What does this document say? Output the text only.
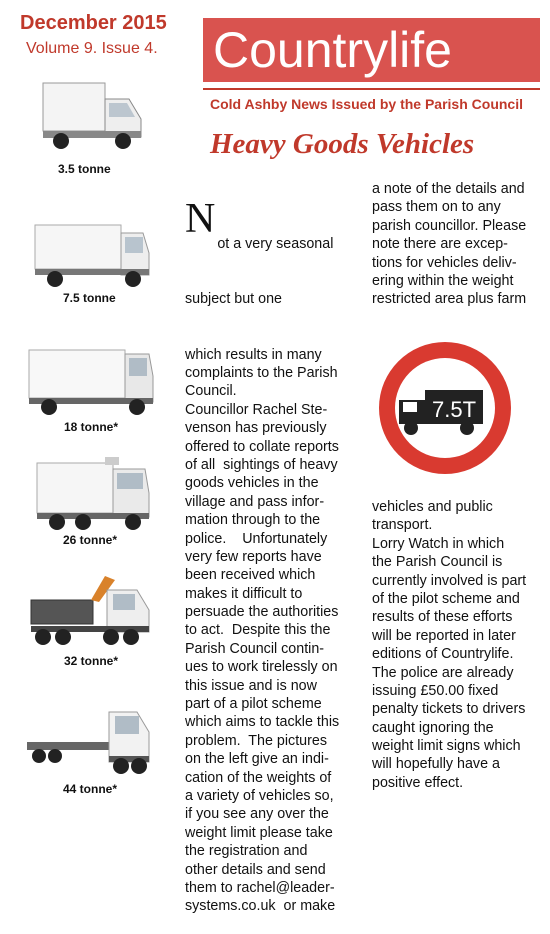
December 2015
Volume 9. Issue 4. Countrylife
Cold Ashby News Issued by the Parish Council
Heavy Goods Vehicles
3.5 tonne
7.5 tonne
18 tonne*
26 tonne*
32 tonne*
44 tonne*

N

ot a very seasonal

subject but one

which results in many
complaints to the Parish
Council.
Councillor Rachel Ste-
venson has previously
offered to collate reports
of all  sightings of heavy
goods vehicles in the
village and pass infor-
mation through to the
police.    Unfortunately
very few reports have
been received which
makes it difficult to
persuade the authorities
to act.  Despite this the
Parish Council contin-
ues to work tirelessly on
this issue and is now
part of a pilot scheme
which aims to tackle this
problem.  The pictures
on the left give an indi-
cation of the weights of
a variety of vehicles so,
if you see any over the
weight limit please take
the registration and
other details and send
them to rachel@leader-
systems.co.uk  or make

a note of the details and
pass them on to any
parish councillor. Please
note there are excep-
tions for vehicles deliv-
ering within the weight
restricted area plus farm
7.5T
vehicles and public
transport.
Lorry Watch in which
the Parish Council is
currently involved is part
of the pilot scheme and
results of these efforts
will be reported in later
editions of Countrylife.
The police are already
issuing £50.00 fixed
penalty tickets to drivers
caught ignoring the
weight limit signs which
will hopefully have a
positive effect.
